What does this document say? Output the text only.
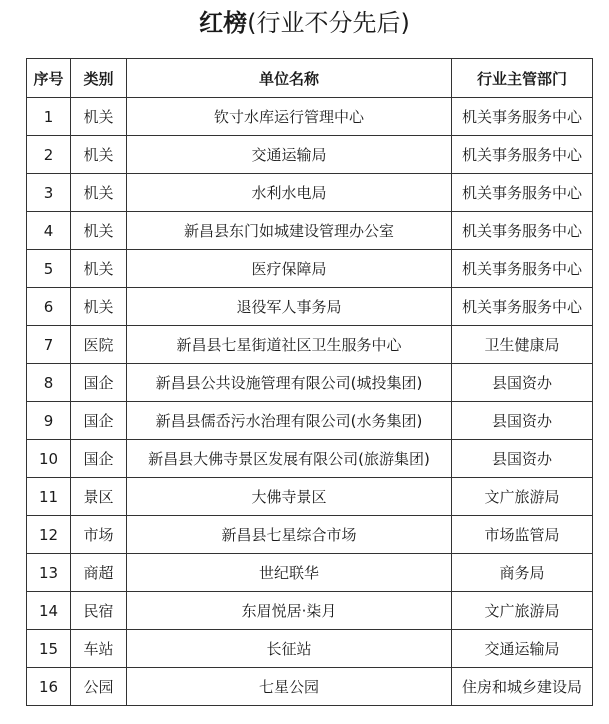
红榜(行业不分先后)
序号	类别	单位名称	行业主管部门
1	机关	钦寸水库运行管理中心	机关事务服务中心
2	机关	交通运输局	机关事务服务中心
3	机关	水利水电局	机关事务服务中心
4	机关	新昌县东门如城建设管理办公室	机关事务服务中心
5	机关	医疗保障局	机关事务服务中心
6	机关	退役军人事务局	机关事务服务中心
7	医院	新昌县七星街道社区卫生服务中心	卫生健康局
8	国企	新昌县公共设施管理有限公司(城投集团)	县国资办
9	国企	新昌县儒岙污水治理有限公司(水务集团)	县国资办
10	国企	新昌县大佛寺景区发展有限公司(旅游集团)	县国资办
11	景区	大佛寺景区	文广旅游局
12	市场	新昌县七星综合市场	市场监管局
13	商超	世纪联华	商务局
14	民宿	东眉悦居·柒月	文广旅游局
15	车站	长征站	交通运输局
16	公园	七星公园	住房和城乡建设局
